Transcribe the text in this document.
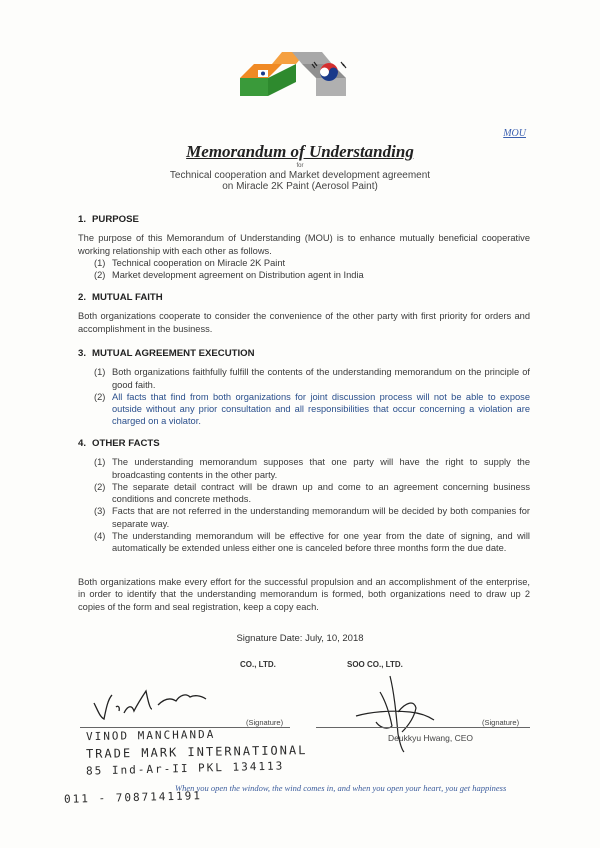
MOU
Memorandum of Understanding
for
Technical cooperation and Market development agreement
on Miracle 2K Paint (Aerosol Paint)
1. PURPOSE
The purpose of this Memorandum of Understanding (MOU) is to enhance mutually beneficial cooperative working relationship with each other as follows.
(1) Technical cooperation on Miracle 2K Paint
(2) Market development agreement on Distribution agent in India
2. MUTUAL FAITH
Both organizations cooperate to consider the convenience of the other party with first priority for orders and accomplishment in the business.
3. MUTUAL AGREEMENT EXECUTION
(1) Both organizations faithfully fulfill the contents of the understanding memorandum on the principle of good faith.
(2) All facts that find from both organizations for joint discussion process will not be able to expose outside without any prior consultation and all responsibilities that occur concerning a violation are charged on a violator.
4. OTHER FACTS
(1) The understanding memorandum supposes that one party will have the right to supply the broadcasting contents in the other party.
(2) The separate detail contract will be drawn up and come to an agreement concerning business conditions and concrete methods.
(3) Facts that are not referred in the understanding memorandum will be decided by both companies for separate way.
(4) The understanding memorandum will be effective for one year from the date of signing, and will automatically be extended unless either one is canceled before three months form the due date.
Both organizations make every effort for the successful propulsion and an accomplishment of the enterprise, in order to identify that the understanding memorandum is formed, both organizations need to draw up 2 copies of the form and seal registration, keep a copy each.
Signature Date: July, 10, 2018
CO., LTD.	SOO CO., LTD.
(Signature)	(Signature)
Deukkyu Hwang, CEO
VINOD MANCHANDA
TRADE MARK INTERNATIONAL
85 Ind-Ar-II PKL 134113
When you open the window, the wind comes in, and when you open your heart, you get happiness
011 - 7087141191
